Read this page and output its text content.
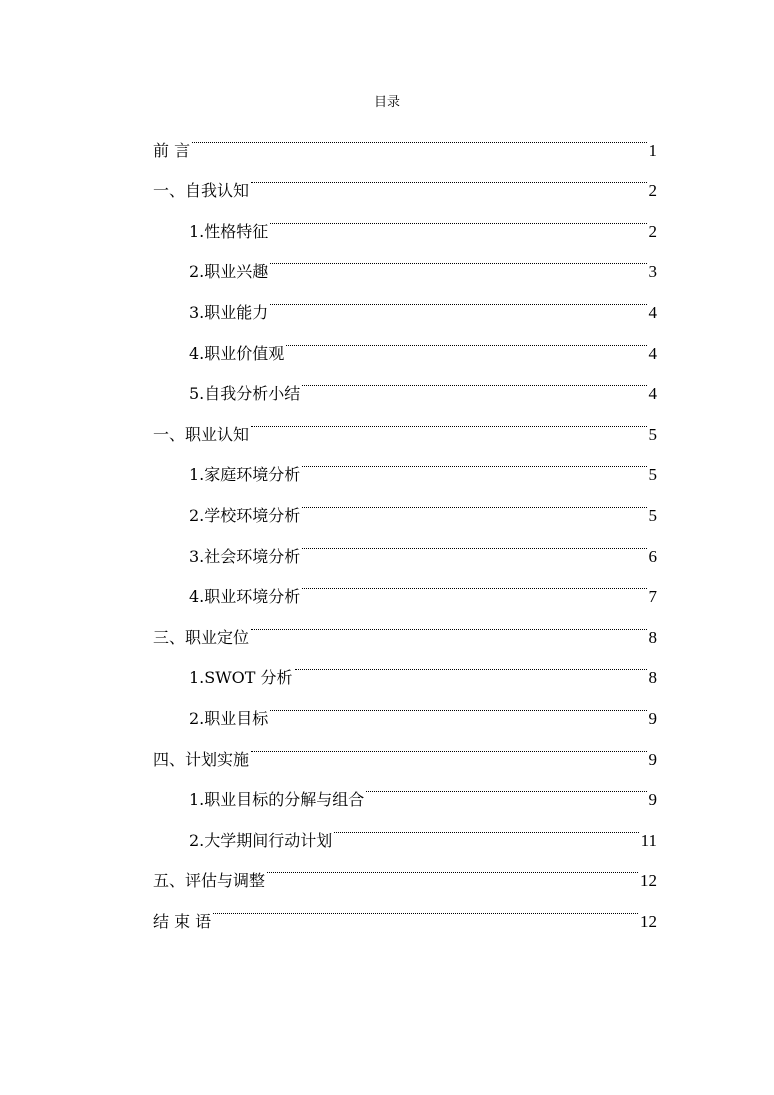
目录
前 言	1
一、自我认知	2
1.性格特征	2
2.职业兴趣	3
3.职业能力	4
4.职业价值观	4
5.自我分析小结	4
一、职业认知	5
1.家庭环境分析	5
2.学校环境分析	5
3.社会环境分析	6
4.职业环境分析	7
三、职业定位	8
1.SWOT 分析	8
2.职业目标	9
四、计划实施	9
1.职业目标的分解与组合	9
2.大学期间行动计划	11
五、评估与调整	12
结 束 语	12
